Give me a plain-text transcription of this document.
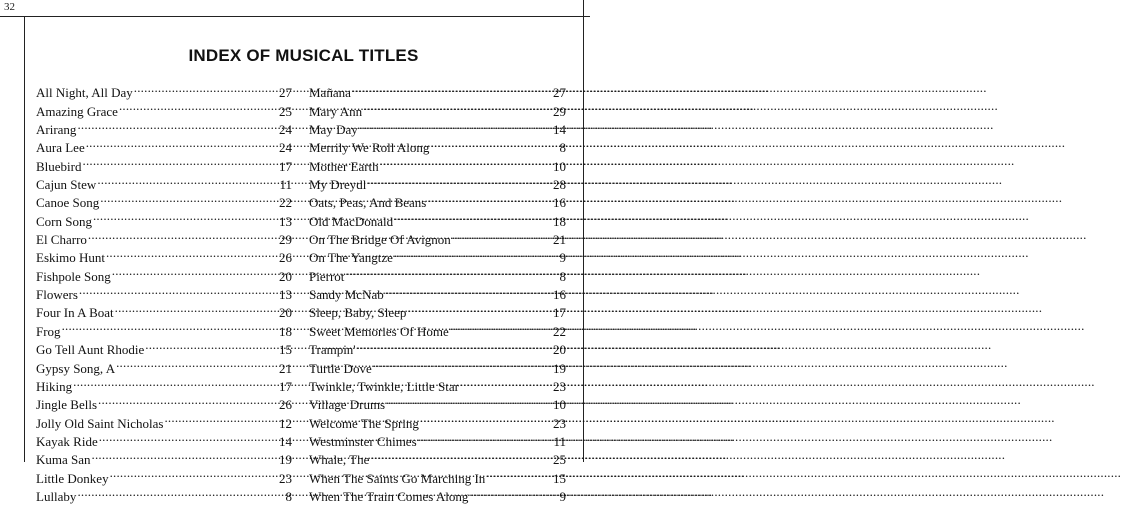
32
INDEX OF MUSICAL TITLES
All Night, All Day .....	27
Amazing Grace .....	25
Arirang .....	24
Aura Lee .....	24
Bluebird .....	17
Cajun Stew .....	11
Canoe Song .....	22
Corn Song .....	13
El Charro .....	29
Eskimo Hunt .....	26
Fishpole Song .....	20
Flowers .....	13
Four In A Boat .....	20
Frog .....	18
Go Tell Aunt Rhodie .....	15
Gypsy Song, A .....	21
Hiking .....	17
Jingle Bells .....	26
Jolly Old Saint Nicholas .....	12
Kayak Ride .....	14
Kuma San .....	19
Little Donkey .....	23
Lullaby .....	8
Mañana .....	27
Mary Ann .....	29
May Day .....	14
Merrily We Roll Along .....	8
Mother Earth .....	10
My Dreydl .....	28
Oats, Peas, And Beans .....	16
Old MacDonald .....	18
On The Bridge Of Avignon .....	21
On The Yangtze .....	9
Pierrot .....	8
Sandy McNab .....	16
Sleep, Baby, Sleep .....	17
Sweet Memories Of Home .....	22
Trampin' .....	20
Turtle Dove .....	19
Twinkle, Twinkle, Little Star .....	23
Village Drums .....	10
Welcome The Spring .....	23
Westminster Chimes .....	11
Whale, The .....	25
When The Saints Go Marching In .....	15
When The Train Comes Along .....	9
